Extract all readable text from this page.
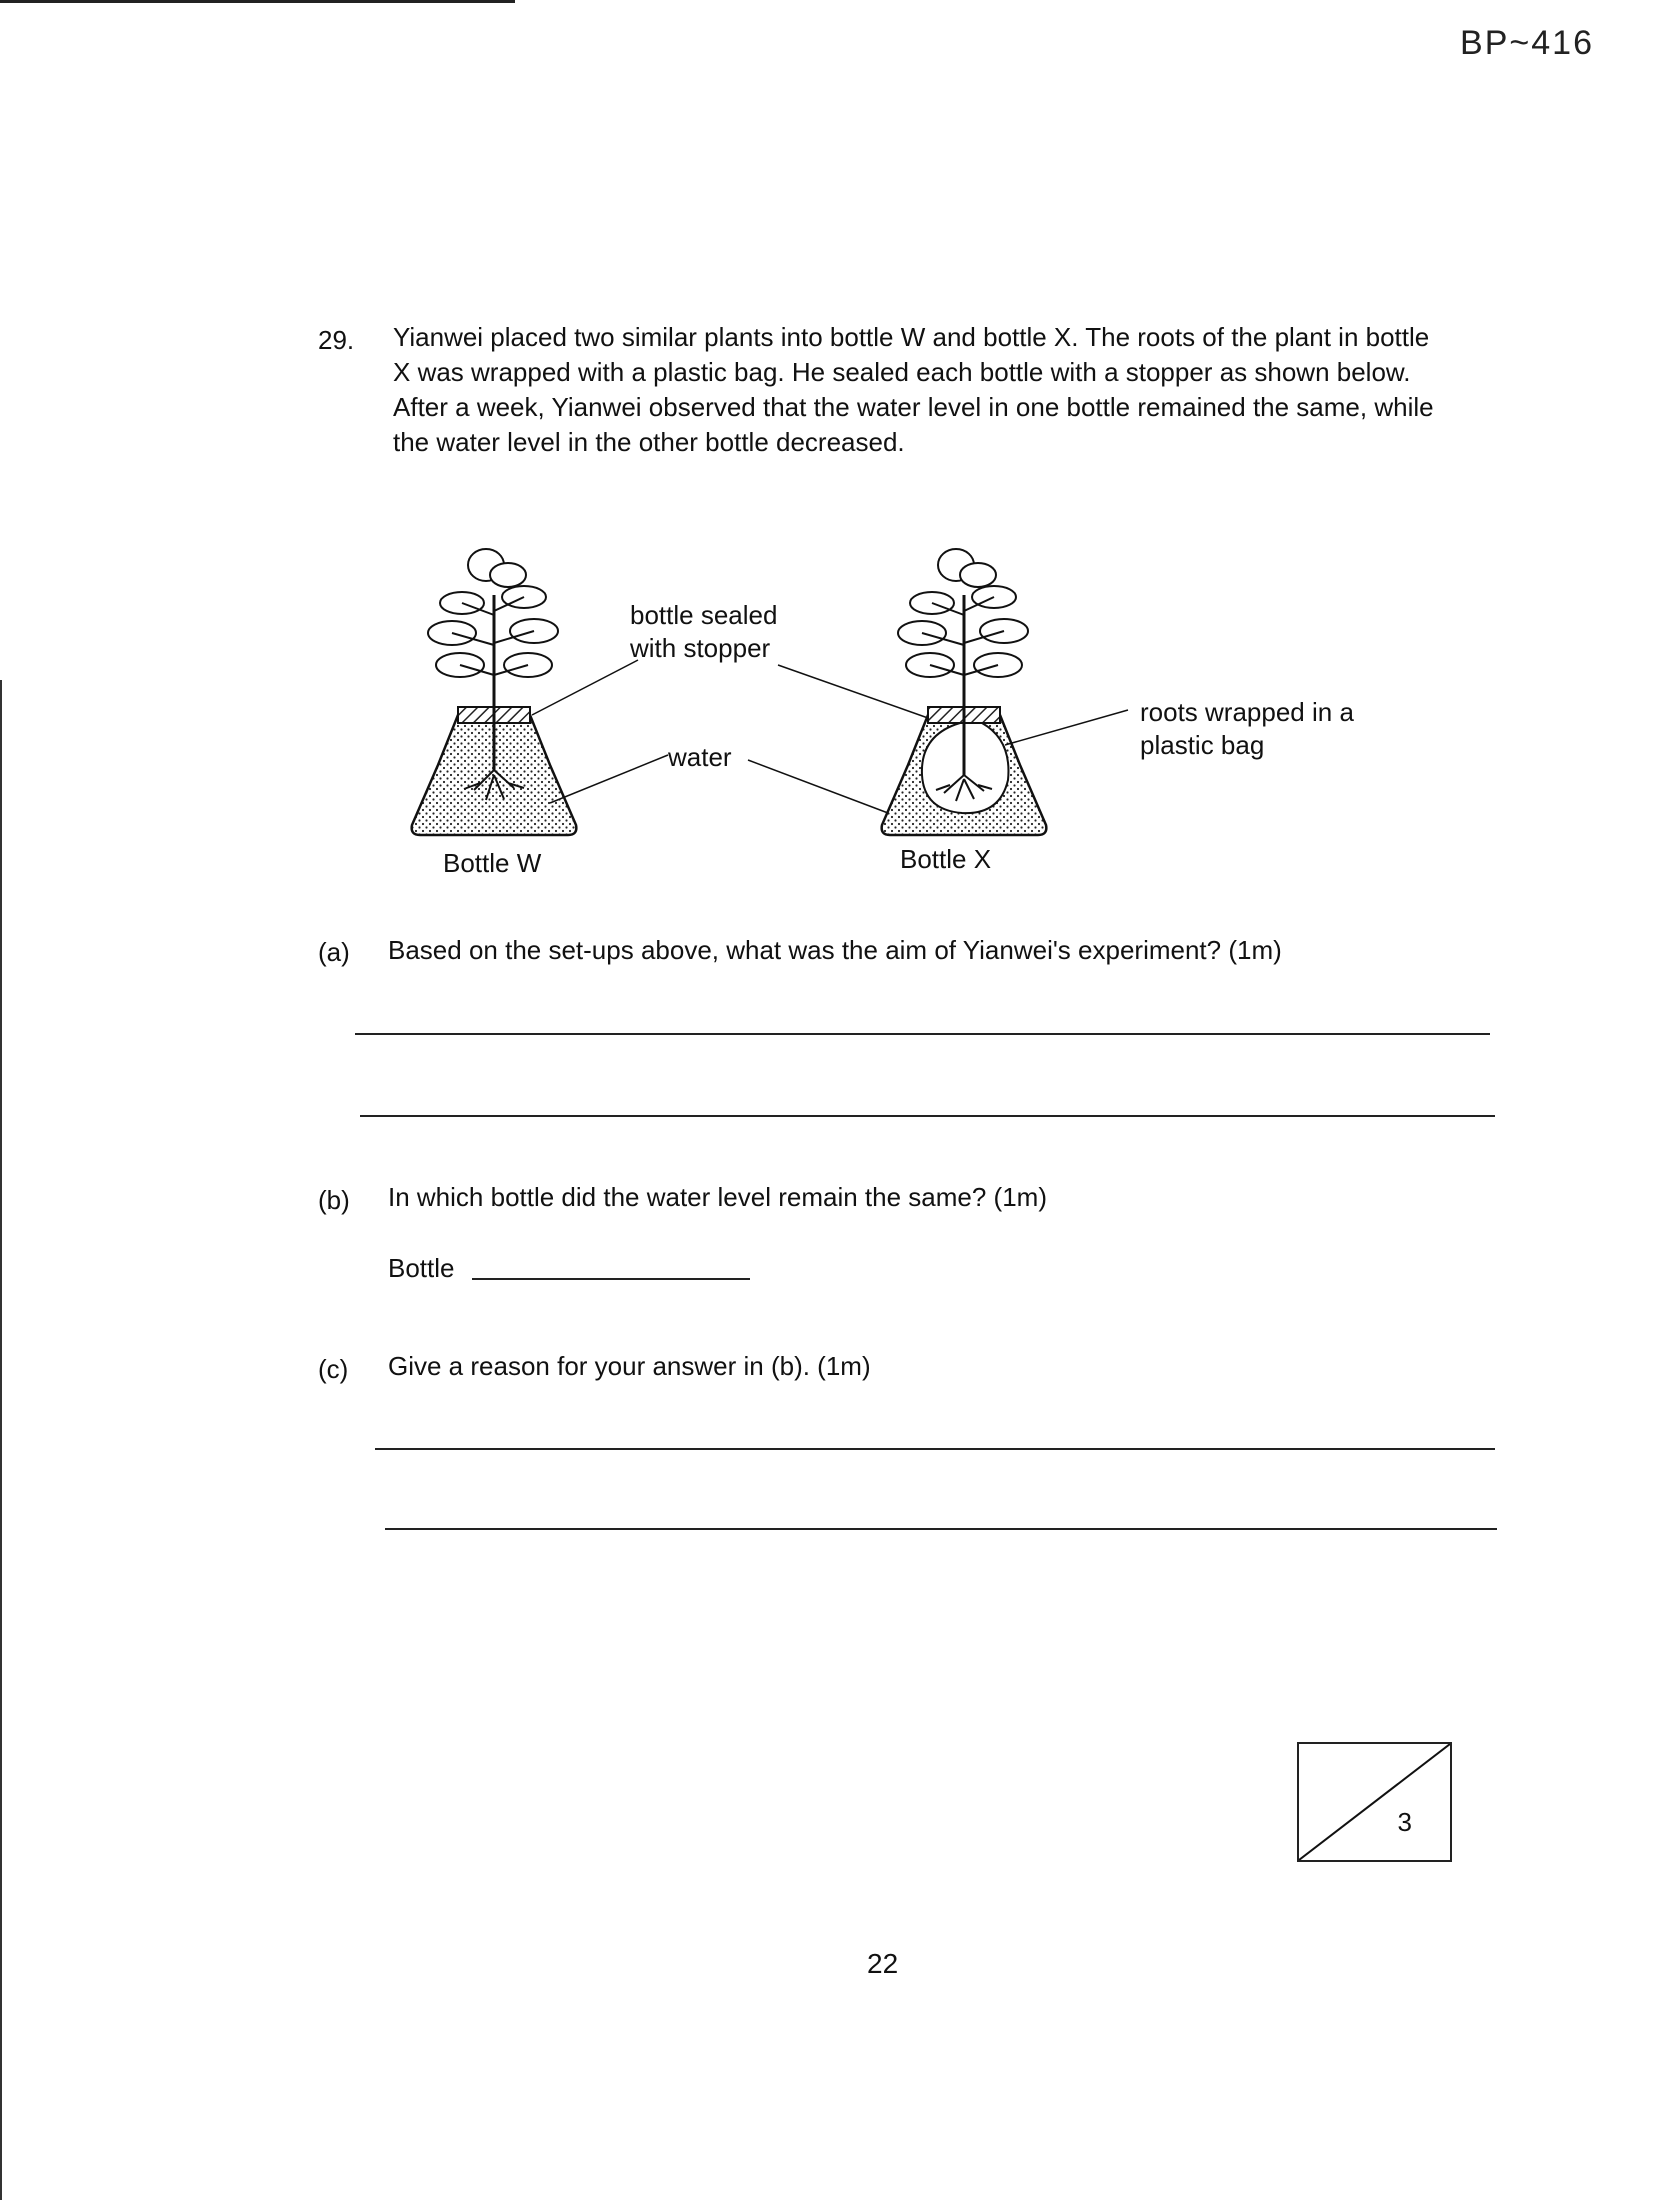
BP~416
29. Yianwei placed two similar plants into bottle W and bottle X. The roots of the plant in bottle X was wrapped with a plastic bag. He sealed each bottle with a stopper as shown below. After a week, Yianwei observed that the water level in one bottle remained the same, while the water level in the other bottle decreased.
bottle sealed
with stopper
water
roots wrapped in a
plastic bag
Bottle W	Bottle X
(a) Based on the set-ups above, what was the aim of Yianwei's experiment? (1m)
(b) In which bottle did the water level remain the same? (1m)
Bottle
(c) Give a reason for your answer in (b). (1m)
3
22
